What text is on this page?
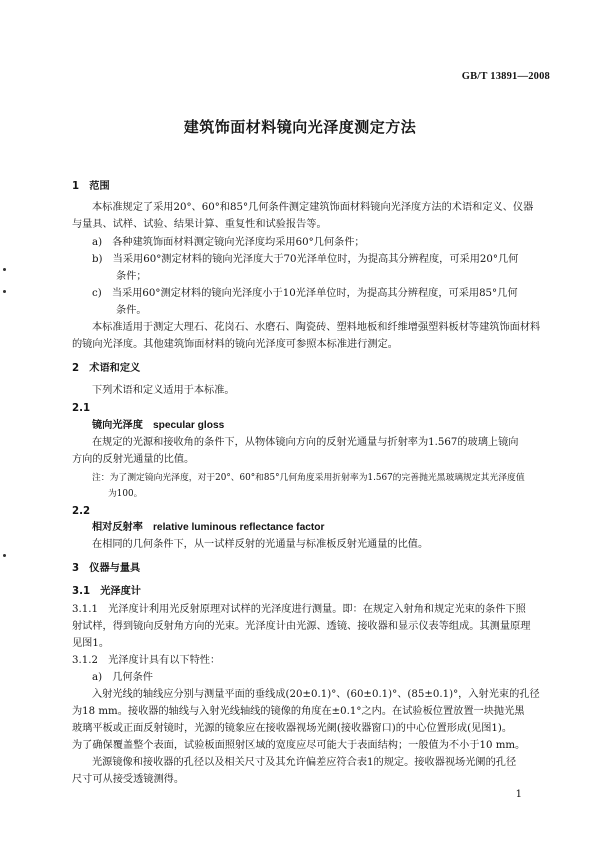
GB/T 13891—2008
建筑饰面材料镜向光泽度测定方法
1　范围
本标准规定了采用20°、60°和85°几何条件测定建筑饰面材料镜向光泽度方法的术语和定义、仪器
与量具、试样、试验、结果计算、重复性和试验报告等。
a)　各种建筑饰面材料测定镜向光泽度均采用60°几何条件；
b)　当采用60°测定材料的镜向光泽度大于70光泽单位时，为提高其分辨程度，可采用20°几何
条件；
c)　当采用60°测定材料的镜向光泽度小于10光泽单位时，为提高其分辨程度，可采用85°几何
条件。
本标准适用于测定大理石、花岗石、水磨石、陶瓷砖、塑料地板和纤维增强塑料板材等建筑饰面材料
的镜向光泽度。其他建筑饰面材料的镜向光泽度可参照本标准进行测定。
2　术语和定义
下列术语和定义适用于本标准。
2.1
镜向光泽度 specular gloss
在规定的光源和接收角的条件下，从物体镜向方向的反射光通量与折射率为1.567的玻璃上镜向
方向的反射光通量的比值。
注：为了测定镜向光泽度，对于20°、60°和85°几何角度采用折射率为1.567的完善抛光黑玻璃规定其光泽度值
为100。
2.2
相对反射率 relative luminous reflectance factor
在相同的几何条件下，从一试样反射的光通量与标准板反射光通量的比值。
3　仪器与量具
3.1　光泽度计
3.1.1　光泽度计利用光反射原理对试样的光泽度进行测量。即：在规定入射角和规定光束的条件下照
射试样，得到镜向反射角方向的光束。光泽度计由光源、透镜、接收器和显示仪表等组成。其测量原理
见图1。
3.1.2　光泽度计具有以下特性：
a)　几何条件
入射光线的轴线应分别与测量平面的垂线成(20±0.1)°、(60±0.1)°、(85±0.1)°，入射光束的孔径
为18 mm。接收器的轴线与入射光线轴线的镜像的角度在±0.1°之内。在试验板位置放置一块抛光黑
玻璃平板或正面反射镜时，光源的镜象应在接收器视场光阑(接收器窗口)的中心位置形成(见图1)。
为了确保覆盖整个表面，试验板面照射区域的宽度应尽可能大于表面结构；一般值为不小于10 mm。
光源镜像和接收器的孔径以及相关尺寸及其允许偏差应符合表1的规定。接收器视场光阑的孔径
尺寸可从接受透镜测得。
1
